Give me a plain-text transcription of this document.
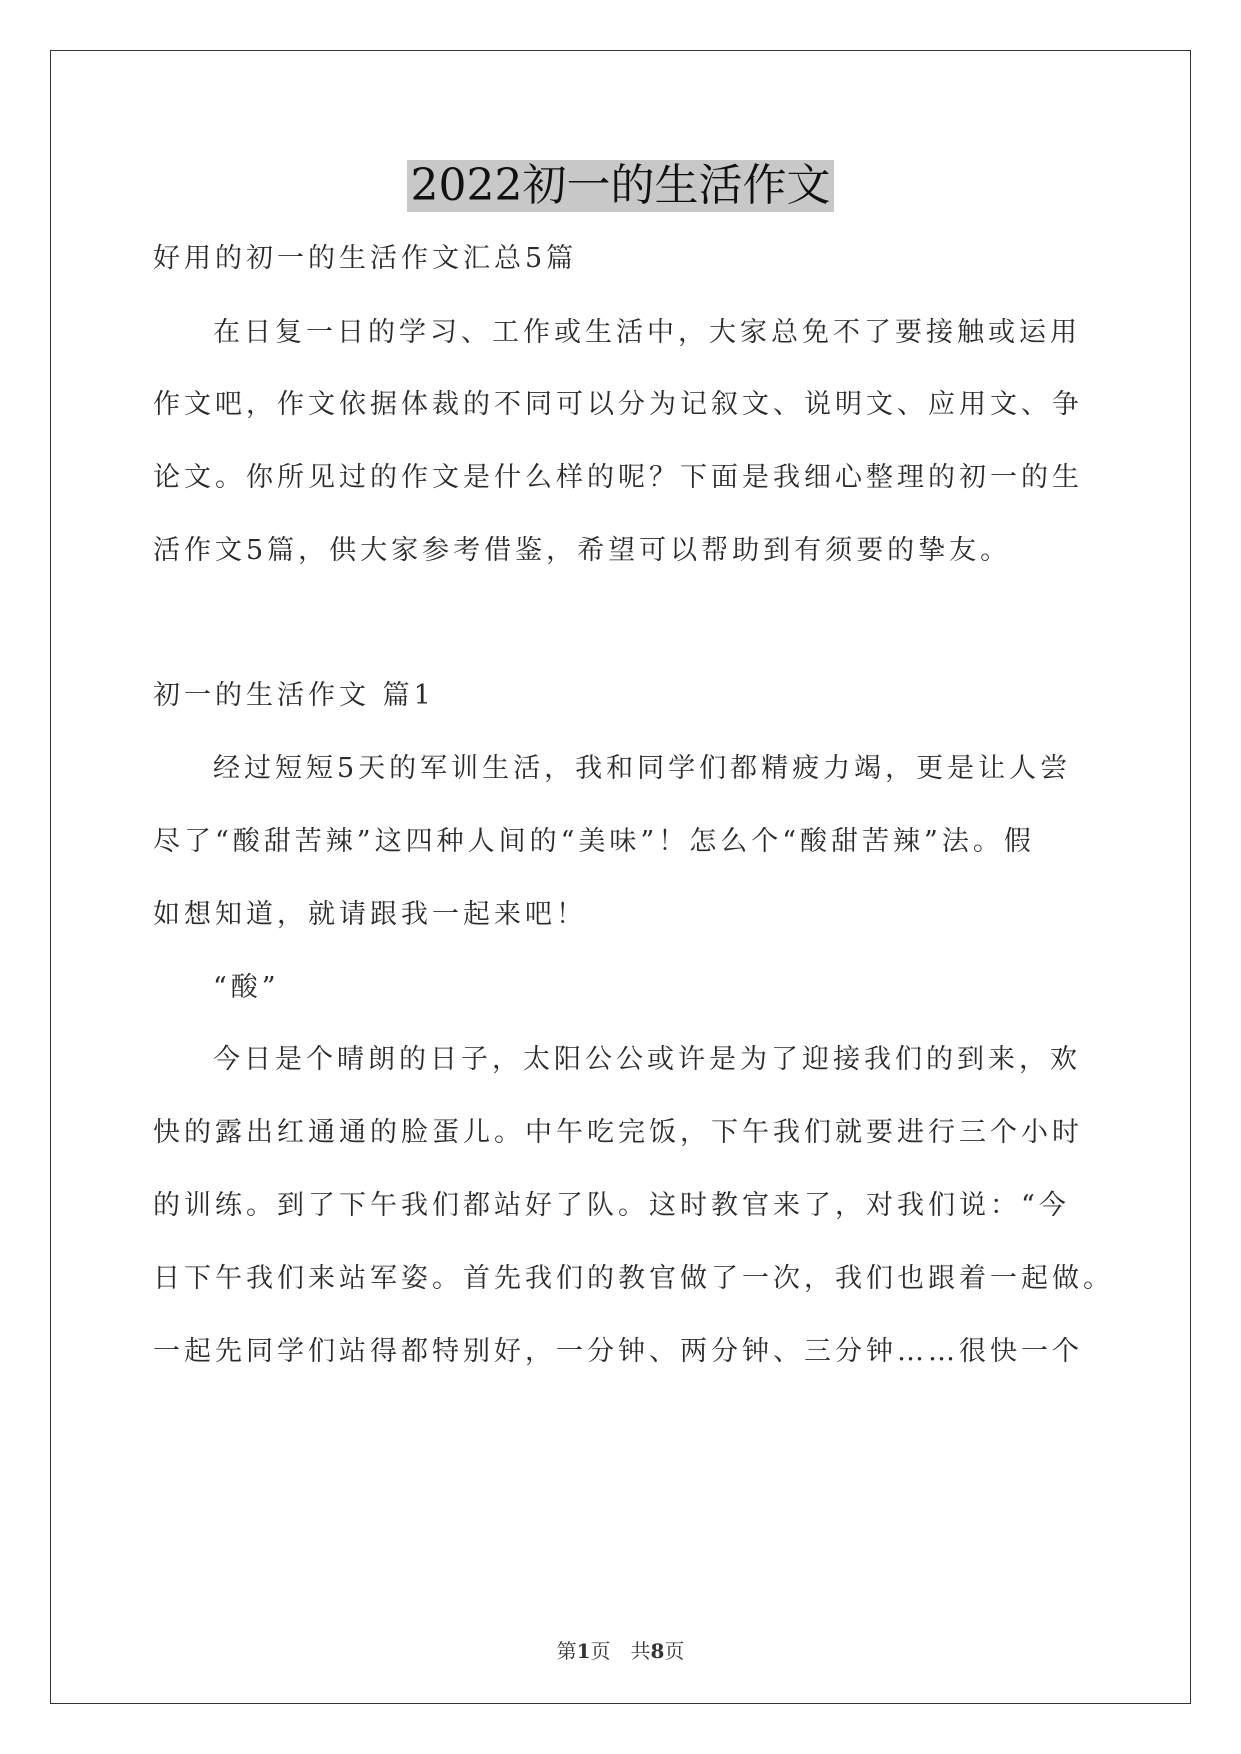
2022初一的生活作文
好用的初一的生活作文汇总5篇
在日复一日的学习、工作或生活中，大家总免不了要接触或运用
作文吧，作文依据体裁的不同可以分为记叙文、说明文、应用文、争
论文。你所见过的作文是什么样的呢？下面是我细心整理的初一的生
活作文5篇，供大家参考借鉴，希望可以帮助到有须要的挚友。
初一的生活作文 篇1
经过短短5天的军训生活，我和同学们都精疲力竭，更是让人尝
尽了“酸甜苦辣”这四种人间的“美味”！怎么个“酸甜苦辣”法。假
如想知道，就请跟我一起来吧！
“酸”
今日是个晴朗的日子，太阳公公或许是为了迎接我们的到来，欢
快的露出红通通的脸蛋儿。中午吃完饭，下午我们就要进行三个小时
的训练。到了下午我们都站好了队。这时教官来了，对我们说：“今
日下午我们来站军姿。首先我们的教官做了一次，我们也跟着一起做。
一起先同学们站得都特别好，一分钟、两分钟、三分钟……很快一个
第1页　共8页
